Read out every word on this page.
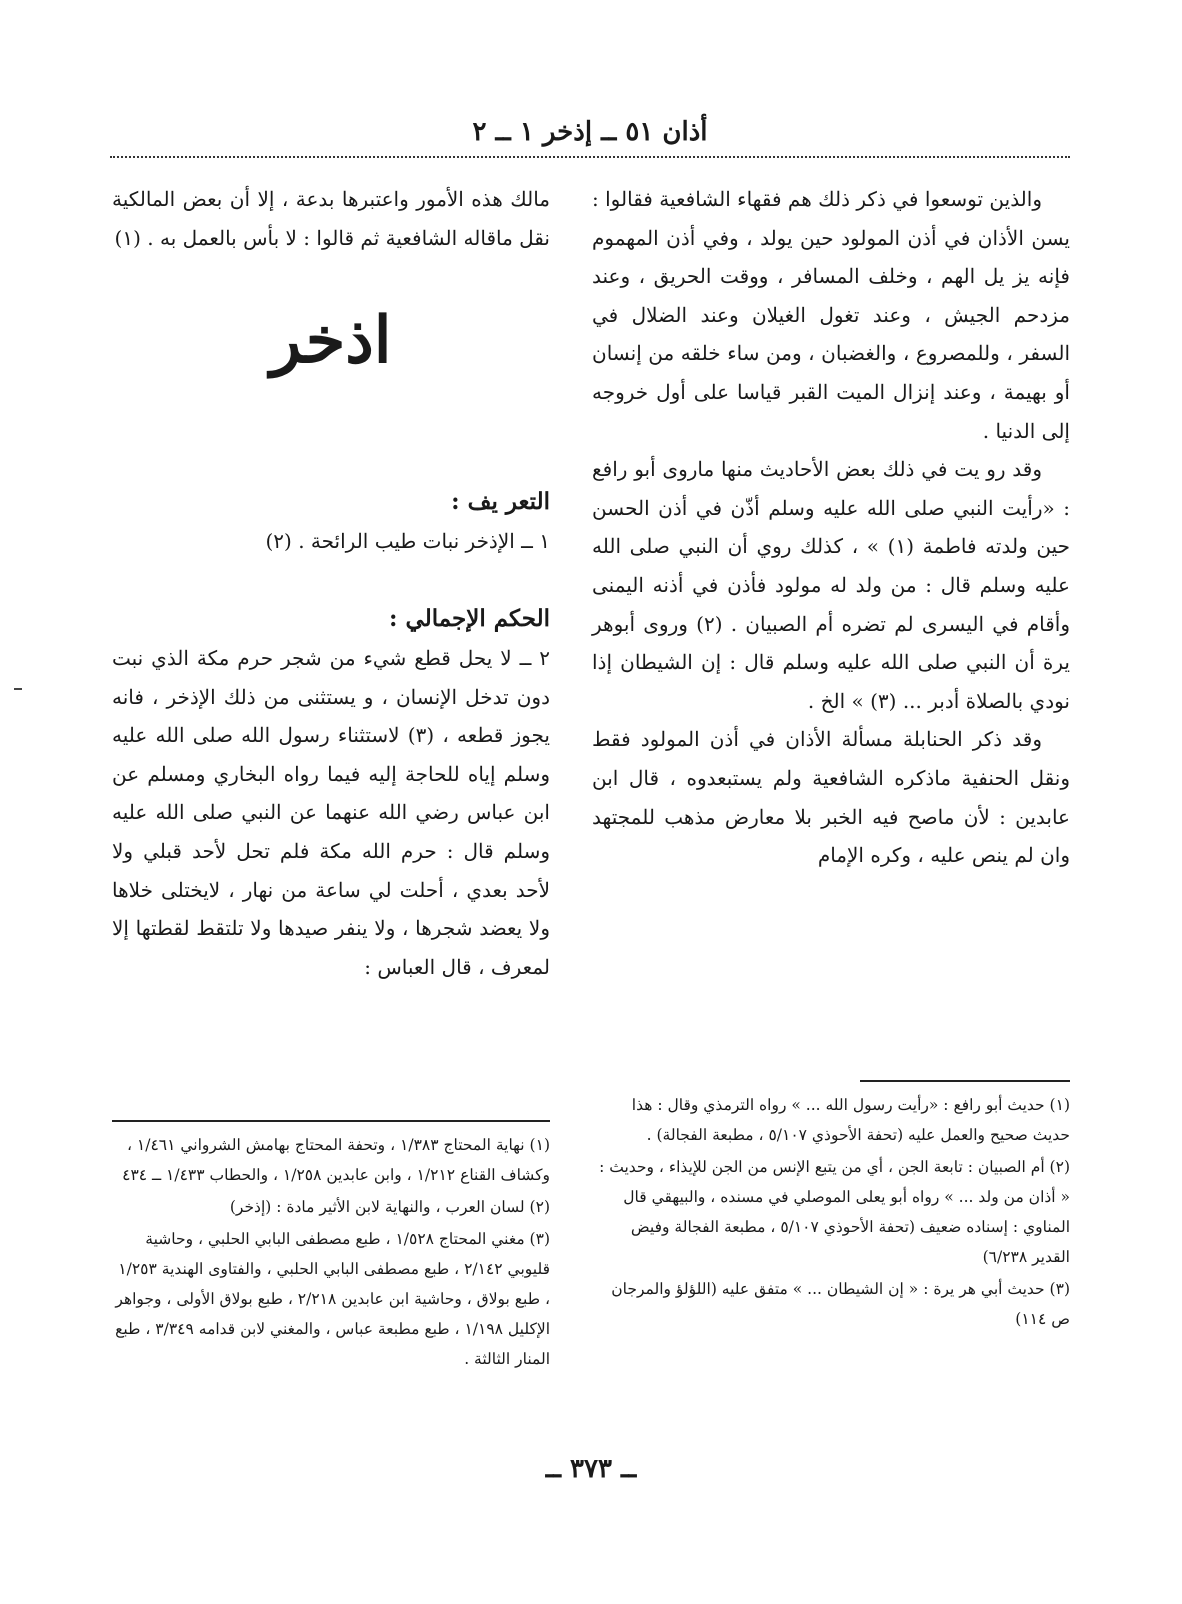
أذان ٥١ ــ إذخر ١ ــ ٢

والذين توسعوا في ذكر ذلك هم فقهاء الشافعية فقالوا : يسن الأذان في أذن المولود حين يولد ، وفي أذن المهموم فإنه يز يل الهم ، وخلف المسافر ، ووقت الحريق ، وعند مزدحم الجيش ، وعند تغول الغيلان وعند الضلال في السفر ، وللمصروع ، والغضبان ، ومن ساء خلقه من إنسان أو بهيمة ، وعند إنزال الميت القبر قياسا على أول خروجه إلى الدنيا .

وقد رو يت في ذلك بعض الأحاديث منها ماروى أبو رافع : «رأيت النبي صلى الله عليه وسلم أذّن في أذن الحسن حين ولدته فاطمة (١) » ، كذلك روي أن النبي صلى الله عليه وسلم قال : من ولد له مولود فأذن في أذنه اليمنى وأقام في اليسرى لم تضره أم الصبيان . (٢) وروى أبوهر يرة أن النبي صلى الله عليه وسلم قال : إن الشيطان إذا نودي بالصلاة أدبر ... (٣) » الخ .

وقد ذكر الحنابلة مسألة الأذان في أذن المولود فقط ونقل الحنفية ماذكره الشافعية ولم يستبعدوه ، قال ابن عابدين : لأن ماصح فيه الخبر بلا معارض مذهب للمجتهد وان لم ينص عليه ، وكره الإمام

(١) حديث أبو رافع : «رأيت رسول الله ... » رواه الترمذي وقال : هذا حديث صحيح والعمل عليه (تحفة الأحوذي ٥/١٠٧ ، مطبعة الفجالة) .

(٢) أم الصبيان : تابعة الجن ، أي من يتبع الإنس من الجن للإيذاء ، وحديث : « أذان من ولد ... » رواه أبو يعلى الموصلي في مسنده ، والبيهقي قال المناوي : إسناده ضعيف (تحفة الأحوذي ٥/١٠٧ ، مطبعة الفجالة وفيض القدير ٦/٢٣٨)

(٣) حديث أبي هر يرة : « إن الشيطان ... » متفق عليه (اللؤلؤ والمرجان ص ١١٤)

مالك هذه الأمور واعتبرها بدعة ، إلا أن بعض المالكية نقل ماقاله الشافعية ثم قالوا : لا بأس بالعمل به . (١)

اذخر

التعر يف :

١ ــ الإذخر نبات طيب الرائحة . (٢)

الحكم الإجمالي :

٢ ــ لا يحل قطع شيء من شجر حرم مكة الذي نبت دون تدخل الإنسان ، و يستثنى من ذلك الإذخر ، فانه يجوز قطعه ، (٣) لاستثناء رسول الله صلى الله عليه وسلم إياه للحاجة إليه فيما رواه البخاري ومسلم عن ابن عباس رضي الله عنهما عن النبي صلى الله عليه وسلم قال : حرم الله مكة فلم تحل لأحد قبلي ولا لأحد بعدي ، أحلت لي ساعة من نهار ، لايختلى خلاها ولا يعضد شجرها ، ولا ينفر صيدها ولا تلتقط لقطتها إلا لمعرف ، قال العباس :

(١) نهاية المحتاج ١/٣٨٣ ، وتحفة المحتاج بهامش الشرواني ١/٤٦١ ، وكشاف القناع ١/٢١٢ ، وابن عابدين ١/٢٥٨ ، والحطاب ١/٤٣٣ ــ ٤٣٤

(٢) لسان العرب ، والنهاية لابن الأثير مادة : (إذخر)

(٣) مغني المحتاج ١/٥٢٨ ، طبع مصطفى البابي الحلبي ، وحاشية قليوبي ٢/١٤٢ ، طبع مصطفى البابي الحلبي ، والفتاوى الهندية ١/٢٥٣ ، طبع بولاق ، وحاشية ابن عابدين ٢/٢١٨ ، طبع بولاق الأولى ، وجواهر الإكليل ١/١٩٨ ، طبع مطبعة عباس ، والمغني لابن قدامه ٣/٣٤٩ ، طبع المنار الثالثة .

ــ ٣٧٣ ــ
